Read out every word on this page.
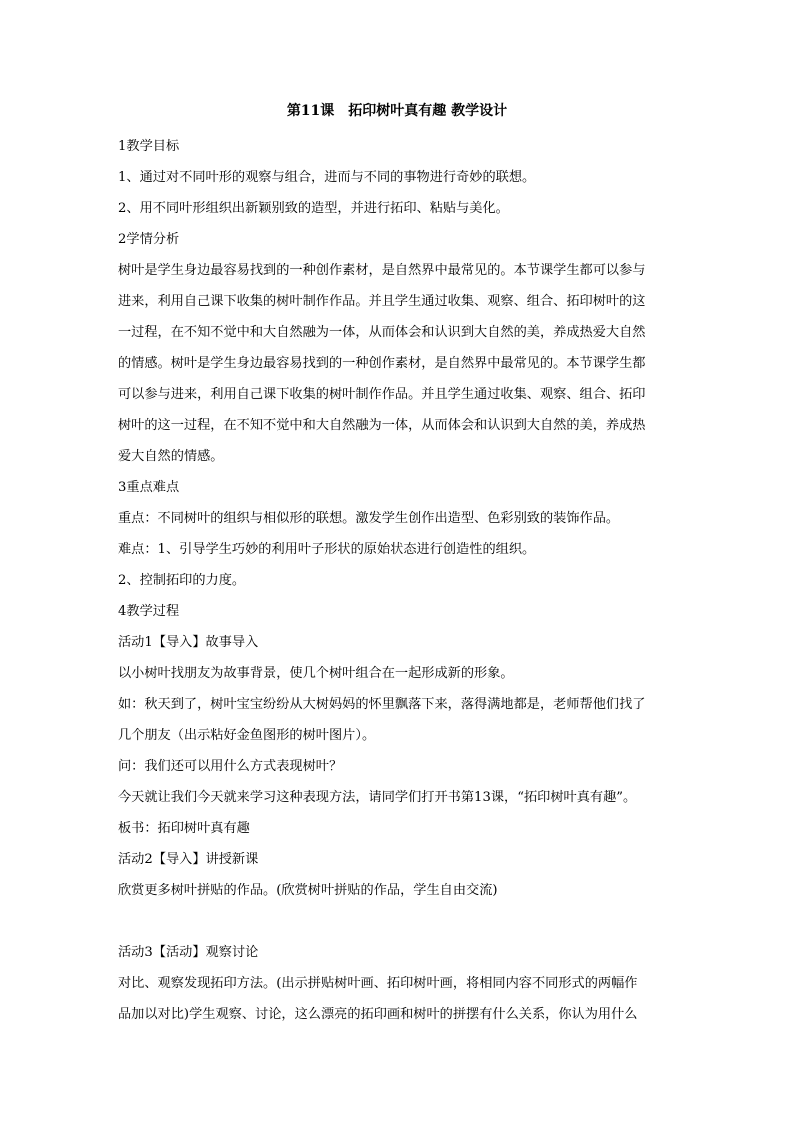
第11课　拓印树叶真有趣 教学设计
1教学目标
1、通过对不同叶形的观察与组合，进而与不同的事物进行奇妙的联想。
2、用不同叶形组织出新颖别致的造型，并进行拓印、粘贴与美化。
2学情分析
树叶是学生身边最容易找到的一种创作素材，是自然界中最常见的。本节课学生都可以参与
进来，利用自己课下收集的树叶制作作品。并且学生通过收集、观察、组合、拓印树叶的这
一过程，在不知不觉中和大自然融为一体，从而体会和认识到大自然的美，养成热爱大自然
的情感。树叶是学生身边最容易找到的一种创作素材，是自然界中最常见的。本节课学生都
可以参与进来，利用自己课下收集的树叶制作作品。并且学生通过收集、观察、组合、拓印
树叶的这一过程，在不知不觉中和大自然融为一体，从而体会和认识到大自然的美，养成热
爱大自然的情感。
3重点难点
重点：不同树叶的组织与相似形的联想。激发学生创作出造型、色彩别致的装饰作品。
难点：1、引导学生巧妙的利用叶子形状的原始状态进行创造性的组织。
2、控制拓印的力度。
4教学过程
活动1【导入】故事导入
以小树叶找朋友为故事背景，使几个树叶组合在一起形成新的形象。
如：秋天到了，树叶宝宝纷纷从大树妈妈的怀里飘落下来，落得满地都是，老师帮他们找了
几个朋友（出示粘好金鱼图形的树叶图片）。
问：我们还可以用什么方式表现树叶？
今天就让我们今天就来学习这种表现方法，请同学们打开书第13课，“拓印树叶真有趣”。
板书：拓印树叶真有趣
活动2【导入】讲授新课
欣赏更多树叶拼贴的作品。(欣赏树叶拼贴的作品，学生自由交流)
活动3【活动】观察讨论
对比、观察发现拓印方法。(出示拼贴树叶画、拓印树叶画，将相同内容不同形式的两幅作
品加以对比)学生观察、讨论，这么漂亮的拓印画和树叶的拼摆有什么关系，你认为用什么
